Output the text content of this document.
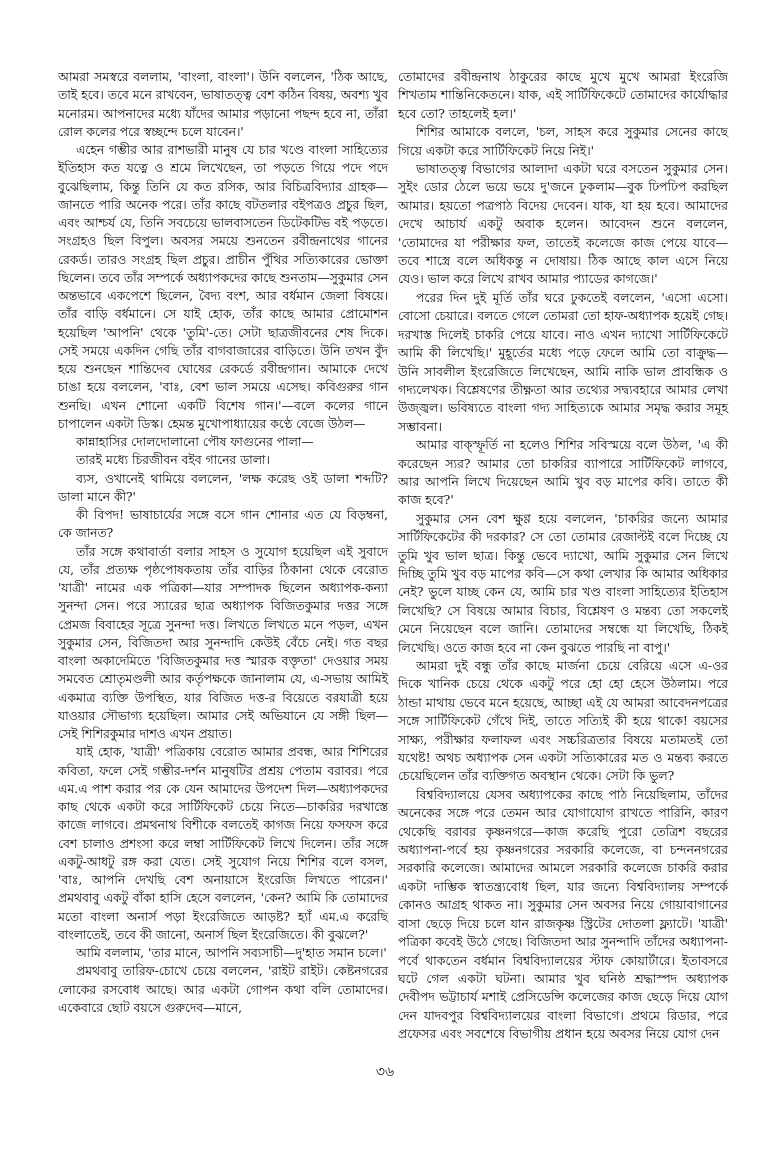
আমরা সমস্বরে বললাম, 'বাংলা, বাংলা'। উনি বললেন, 'ঠিক আছে, তাই হবে। তবে মনে রাখবেন, ভাষাতত্ত্ব বেশ কঠিন বিষয়, অবশ্য খুব মনোরম। আপনাদের মধ্যে যাঁদের আমার পড়ানো পছন্দ হবে না, তাঁরা রোল কলের পরে স্বচ্ছন্দে চলে যাবেন।'

এহেন গম্ভীর আর রাশভারী মানুষ যে চার খণ্ডে বাংলা সাহিত্যের ইতিহাস কত যত্নে ও শ্রমে লিখেছেন, তা পড়তে গিয়ে পদে পদে বুঝেছিলাম, কিন্তু তিনি যে কত রসিক, আর বিচিত্রবিদ্যার গ্রাহক—জানতে পারি অনেক পরে। তাঁর কাছে বটতলার বইপত্রও প্রচুর ছিল, এবং আশ্চর্য যে, তিনি সবচেয়ে ভালবাসতেন ডিটেকটিভ বই পড়তে। সংগ্রহও ছিল বিপুল। অবসর সময়ে শুনতেন রবীন্দ্রনাথের গানের রেকর্ড। তারও সংগ্রহ ছিল প্রচুর। প্রাচীন পুঁথির সত্যিকারের ভোক্তা ছিলেন। তবে তাঁর সম্পর্কে অধ্যাপকদের কাছে শুনতাম—সুকুমার সেন অন্তভাবে একপেশে ছিলেন, বৈদ্য বংশ, আর বর্ধমান জেলা বিষয়ে। তাঁর বাড়ি বর্ধমানে। সে যাই হোক, তাঁর কাছে আমার প্রোমোশন হয়েছিল 'আপনি' থেকে 'তুমি'-তে। সেটা ছাত্রজীবনের শেষ দিকে। সেই সময়ে একদিন গেছি তাঁর বাগবাজারের বাড়িতে। উনি তখন বুঁদ হয়ে শুনছেন শান্তিদেব ঘোষের রেকর্ডে রবীন্দ্রগান। আমাকে দেখে চাঙা হয়ে বললেন, 'বাঃ, বেশ ভাল সময়ে এসেছ। কবিগুরুর গান শুনছি। এখন শোনো একটি বিশেষ গান।'—বলে কলের গানে চাপালেন একটা ডিস্ক। হেমন্ত মুখোপাধ্যায়ের কণ্ঠে বেজে উঠল—

কান্নাহাসির দোলদোলানো পৌষ ফাগুনের পালা—

তারই মধ্যে চিরজীবন বইব গানের ডালা।

ব্যস, ওখানেই থামিয়ে বললেন, 'লক্ষ করেছ ওই ডালা শব্দটি? ডালা মানে কী?'

কী বিপদ! ভাষাচার্যের সঙ্গে বসে গান শোনার এত যে বিড়ম্বনা, কে জানত?

তাঁর সঙ্গে কথাবার্তা বলার সাহস ও সুযোগ হয়েছিল এই সুবাদে যে, তাঁর প্রত্যক্ষ পৃষ্ঠপোষকতায় তাঁর বাড়ির ঠিকানা থেকে বেরোত 'যাত্রী' নামের এক পত্রিকা—যার সম্পাদক ছিলেন অধ্যাপক-কন্যা সুনন্দা সেন। পরে স্যারের ছাত্র অধ্যাপক বিজিতকুমার দত্তর সঙ্গে প্রেমজ বিবাহের সূত্রে সুনন্দা দত্ত। লিখতে লিখতে মনে পড়ল, এখন সুকুমার সেন, বিজিতদা আর সুনন্দাদি কেউই বেঁচে নেই। গত বছর বাংলা অকাদেমিতে 'বিজিতকুমার দত্ত স্মারক বক্তৃতা' দেওয়ার সময় সমবেত শ্রোতৃমণ্ডলী আর কর্তৃপক্ষকে জানালাম যে, এ-সভায় আমিই একমাত্র ব্যক্তি উপস্থিত, যার বিজিত দত্ত-র বিয়েতে বরযাত্রী হয়ে যাওয়ার সৌভাগ্য হয়েছিল। আমার সেই অভিযানে যে সঙ্গী ছিল—সেই শিশিরকুমার দাশও এখন প্রয়াত।

যাই হোক, 'যাত্রী' পত্রিকায় বেরোত আমার প্রবন্ধ, আর শিশিরের কবিতা, ফলে সেই গম্ভীর-দর্শন মানুষটির প্রশ্রয় পেতাম বরাবর। পরে এম.এ পাশ করার পর কে যেন আমাদের উপদেশ দিল—অধ্যাপকদের কাছ থেকে একটা করে সার্টিফিকেট চেয়ে নিতে—চাকরির দরখাস্তে কাজে লাগবে। প্রমথনাথ বিশীকে বলতেই কাগজ নিয়ে ফসফস করে বেশ চালাও প্রশংসা করে লম্বা সার্টিফিকেট লিখে দিলেন। তাঁর সঙ্গে একটু-আধটু রঙ্গ করা যেত। সেই সুযোগ নিয়ে শিশির বলে বসল, 'বাঃ, আপনি দেখছি বেশ অনায়াসে ইংরেজি লিখতে পারেন।' প্রমথবাবু একটু বাঁকা হাসি হেসে বললেন, 'কেন? আমি কি তোমাদের মতো বাংলা অনার্স পড়া ইংরেজিতে আড়ষ্ট? হ্যাঁ এম.এ করেছি বাংলাতেই, তবে কী জানো, অনার্স ছিল ইংরেজিতে। কী বুঝলে?'

আমি বললাম, 'তার মানে, আপনি সব্যসাচী—দু'হাত সমান চলে।'

প্রমথবাবু তারিফ-চোখে চেয়ে বললেন, 'রাইট রাইট। কেষ্টনগরের লোকের রসবোধ আছে। আর একটা গোপন কথা বলি তোমাদের। একেবারে ছোট বয়সে গুরুদেব—মানে,

তোমাদের রবীন্দ্রনাথ ঠাকুরের কাছে মুখে মুখে আমরা ইংরেজি শিখতাম শান্তিনিকেতনে। যাক, এই সার্টিফিকেটে তোমাদের কার্যোদ্ধার হবে তো? তাহলেই হল।'

শিশির আমাকে বললে, 'চল, সাহস করে সুকুমার সেনের কাছে গিয়ে একটা করে সার্টিফিকেট নিয়ে নিই।'

ভাষাতত্ত্ব বিভাগের আলাদা একটা ঘরে বসতেন সুকুমার সেন। সুইং ডোর ঠেলে ভয়ে ভয়ে দু'জনে ঢুকলাম—বুক ঢিপঢিপ করছিল আমার। হয়তো পত্রপাঠ বিদেয় দেবেন। যাক, যা হয় হবে। আমাদের দেখে আচার্য একটু অবাক হলেন। আবেদন শুনে বললেন, 'তোমাদের যা পরীক্ষার ফল, তাতেই কলেজে কাজ পেয়ে যাবে—তবে শাস্ত্রে বলে অধিকন্তু ন দোষায়। ঠিক আছে কাল এসে নিয়ে যেও। ভাল করে লিখে রাখব আমার প্যাডের কাগজে।'

পরের দিন দুই মূর্তি তাঁর ঘরে ঢুকতেই বললেন, 'এসো এসো। বোসো চেয়ারে। বলতে গেলে তোমরা তো হাফ-অধ্যাপক হয়েই গেছ। দরখাস্ত দিলেই চাকরি পেয়ে যাবে। নাও এখন দ্যাখো সার্টিফিকেটে আমি কী লিখেছি।' মুহূর্তের মধ্যে পড়ে ফেলে আমি তো বাক্রুদ্ধ—উনি সাবলীল ইংরেজিতে লিখেছেন, আমি নাকি ভাল প্রাবন্ধিক ও গদ্যলেখক। বিশ্লেষণের তীক্ষ্ণতা আর তথ্যের সদ্ব্যবহারে আমার লেখা উজ্জ্বল। ভবিষ্যতে বাংলা গদ্য সাহিত্যকে আমার সমৃদ্ধ করার সমূহ সম্ভাবনা।

আমার বাক্স্ফূর্তি না হলেও শিশির সবিস্ময়ে বলে উঠল, 'এ কী করেছেন স্যর? আমার তো চাকরির ব্যাপারে সার্টিফিকেট লাগবে, আর আপনি লিখে দিয়েছেন আমি খুব বড় মাপের কবি। তাতে কী কাজ হবে?'

সুকুমার সেন বেশ ক্ষুণ্ণ হয়ে বললেন, 'চাকরির জন্যে আমার সার্টিফিকেটের কী দরকার? সে তো তোমার রেজাল্টই বলে দিচ্ছে যে তুমি খুব ভাল ছাত্র। কিন্তু ভেবে দ্যাখো, আমি সুকুমার সেন লিখে দিচ্ছি তুমি খুব বড় মাপের কবি—সে কথা লেখার কি আমার অধিকার নেই? ভুলে যাচ্ছ কেন যে, আমি চার খণ্ড বাংলা সাহিত্যের ইতিহাস লিখেছি? সে বিষয়ে আমার বিচার, বিশ্লেষণ ও মন্তব্য তো সকলেই মেনে নিয়েছেন বলে জানি। তোমাদের সম্বন্ধে যা লিখেছি, ঠিকই লিখেছি। ওতে কাজ হবে না কেন বুঝতে পারছি না বাপু।'

আমরা দুই বন্ধু তাঁর কাছে মার্জনা চেয়ে বেরিয়ে এসে এ-ওর দিকে খানিক চেয়ে থেকে একটু পরে হো হো হেসে উঠলাম। পরে ঠান্ডা মাথায় ভেবে মনে হয়েছে, আচ্ছা এই যে আমরা আবেদনপত্রের সঙ্গে সার্টিফিকেট গেঁথে দিই, তাতে সত্যিই কী হয়ে থাকে! বয়সের সাক্ষ্য, পরীক্ষার ফলাফল এবং সচ্চরিত্রতার বিষয়ে মতামতই তো যথেষ্ট! অথচ অধ্যাপক সেন একটা সত্যিকারের মত ও মন্তব্য করতে চেয়েছিলেন তাঁর ব্যক্তিগত অবস্থান থেকে। সেটা কি ভুল?

বিশ্ববিদ্যালয়ে যেসব অধ্যাপকের কাছে পাঠ নিয়েছিলাম, তাঁদের অনেকের সঙ্গে পরে তেমন আর যোগাযোগ রাখতে পারিনি, কারণ থেকেছি বরাবর কৃষ্ণনগরে—কাজ করেছি পুরো তেত্রিশ বছরের অধ্যাপনা-পর্বে হয় কৃষ্ণনগরের সরকারি কলেজে, বা চন্দননগরের সরকারি কলেজে। আমাদের আমলে সরকারি কলেজে চাকরি করার একটা দাম্ভিক স্বাতন্ত্র্যবোধ ছিল, যার জন্যে বিশ্ববিদ্যালয় সম্পর্কে কোনও আগ্রহ থাকত না। সুকুমার সেন অবসর নিয়ে গোয়াবাগানের বাসা ছেড়ে দিয়ে চলে যান রাজকৃষ্ণ স্ট্রিটের দোতলা ফ্ল্যাটে। 'যাত্রী' পত্রিকা কবেই উঠে গেছে। বিজিতদা আর সুনন্দাদি তাঁদের অধ্যাপনা-পর্বে থাকতেন বর্ধমান বিশ্ববিদ্যালয়ের স্টাফ কোয়ার্টারে। ইতাবসরে ঘটে গেল একটা ঘটনা। আমার খুব ঘনিষ্ঠ শ্রদ্ধাস্পদ অধ্যাপক দেবীপদ ভট্টাচার্য মশাই প্রেসিডেন্সি কলেজের কাজ ছেড়ে দিয়ে যোগ দেন যাদবপুর বিশ্ববিদ্যালয়ের বাংলা বিভাগে। প্রথমে রিডার, পরে প্রফেসর এবং সবশেষে বিভাগীয় প্রধান হয়ে অবসর নিয়ে যোগ দেন

৩৬
